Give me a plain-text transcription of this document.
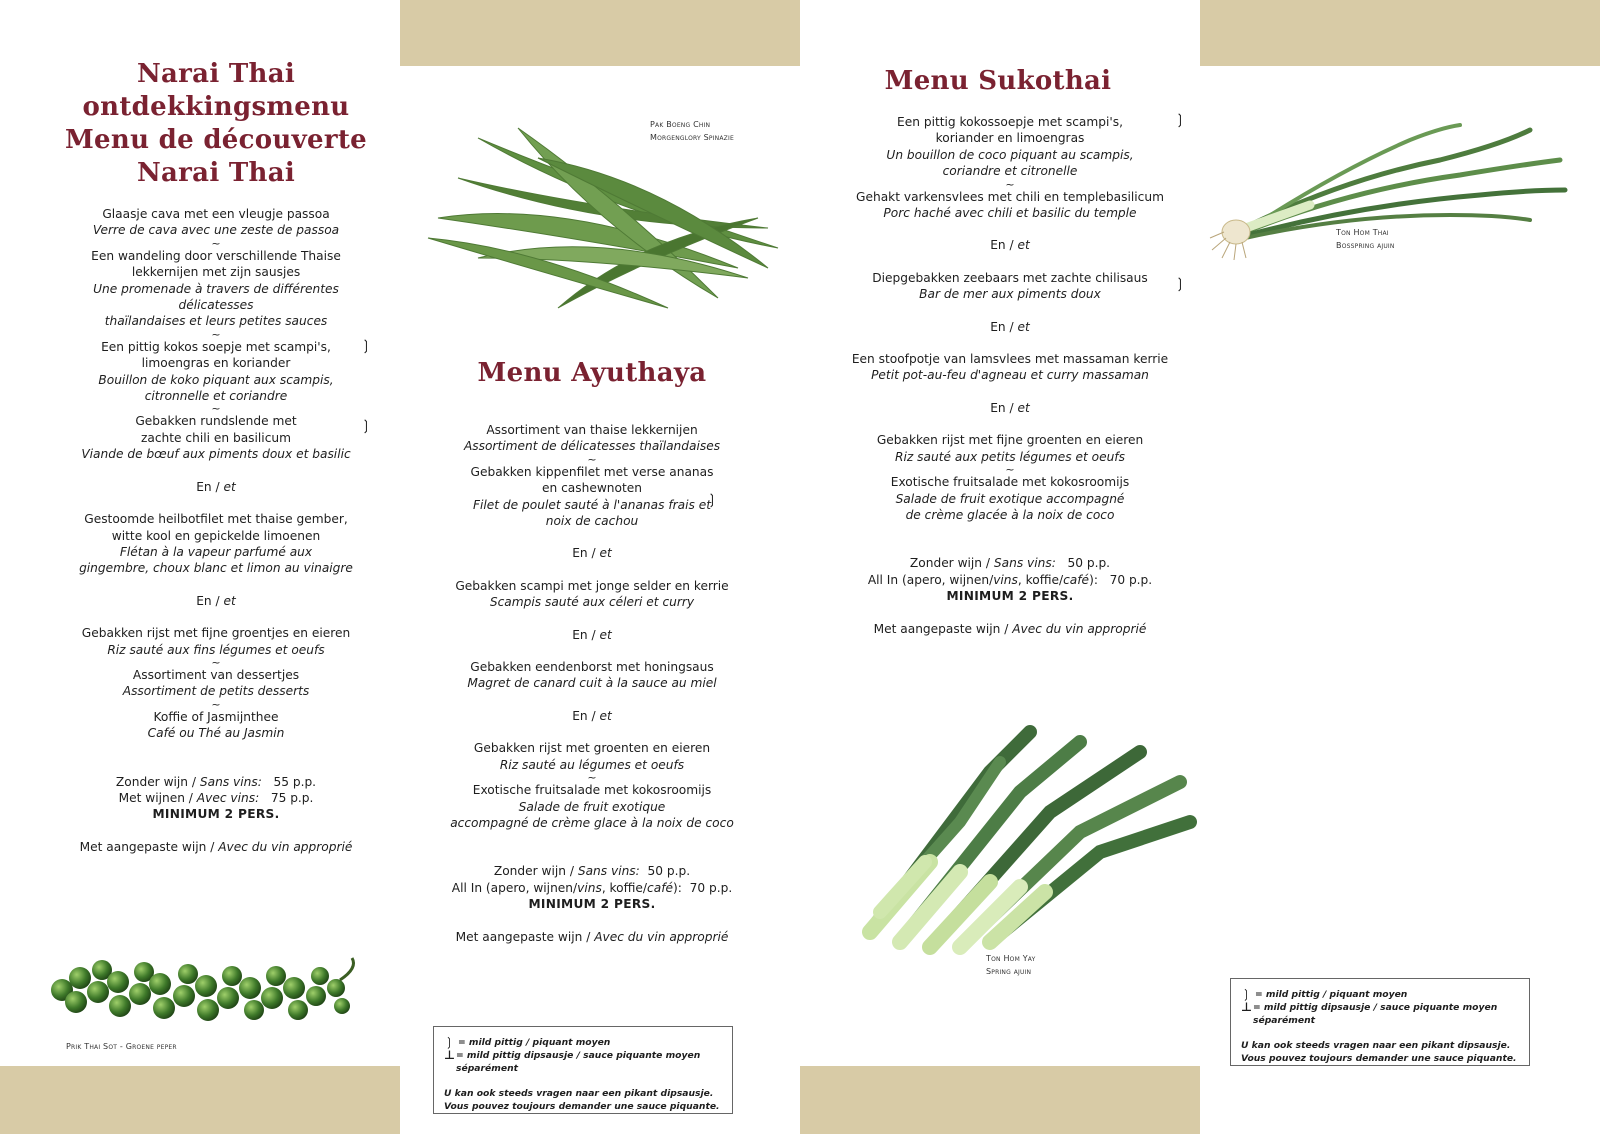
Narai Thai
ontdekkingsmenu
Menu de découverte
Narai Thai
Glaasje cava met een vleugje passoa
Verre de cava avec une zeste de passoa
~
Een wandeling door verschillende Thaise
lekkernijen met zijn sausjes
Une promenade à travers de différentes délicatesses
thaïlandaises et leurs petites sauces
~
Een pittig kokos soepje met scampi's,
limoengras en koriander
Bouillon de koko piquant aux scampis,
citronnelle et coriandre
~
Gebakken rundslende met
zachte chili en basilicum
Viande de bœuf aux piments doux et basilic
En / et
Gestoomde heilbotfilet met thaise gember,
witte kool en gepickelde limoenen
Flétan à la vapeur parfumé aux
gingembre, choux blanc et limon au vinaigre
En / et
Gebakken rijst met fijne groentjes en eieren
Riz sauté aux fins légumes et oeufs
~
Assortiment van dessertjes
Assortiment de petits desserts
~
Koffie of Jasmijnthee
Café ou Thé au Jasmin
Zonder wijn / Sans vins: 55 p.p.
Met wijnen / Avec vins: 75 p.p.
MINIMUM 2 PERS.
Met aangepaste wijn / Avec du vin approprié
❳
❳
Prik Thai Sot - Groene peper
Pak Boeng Chin
Morgenglory Spinazie
Menu Ayuthaya
Assortiment van thaise lekkernijen
Assortiment de délicatesses thaïlandaises
~
Gebakken kippenfilet met verse ananas
en cashewnoten
Filet de poulet sauté à l'ananas frais et
noix de cachou
En / et
Gebakken scampi met jonge selder en kerrie
Scampis sauté aux céleri et curry
En / et
Gebakken eendenborst met honingsaus
Magret de canard cuit à la sauce au miel
En / et
Gebakken rijst met groenten en eieren
Riz sauté au légumes et oeufs
~
Exotische fruitsalade met kokosroomijs
Salade de fruit exotique
accompagné de crème glace à la noix de coco
Zonder wijn / Sans vins: 50 p.p.
All In (apero, wijnen/vins, koffie/café): 70 p.p.
MINIMUM 2 PERS.
Met aangepaste wijn / Avec du vin approprié
❳
❳ = mild pittig / piquant moyen
⊥ = mild pittig dipsausje / sauce piquante moyen séparément
U kan ook steeds vragen naar een pikant dipsausje.
Vous pouvez toujours demander une sauce piquante.
Menu Sukothai
Een pittig kokossoepje met scampi's,
koriander en limoengras
Un bouillon de coco piquant au scampis,
coriandre et citronelle
~
Gehakt varkensvlees met chili en templebasilicum
Porc haché avec chili et basilic du temple
En / et
Diepgebakken zeebaars met zachte chilisaus
Bar de mer aux piments doux
En / et
Een stoofpotje van lamsvlees met massaman kerrie
Petit pot-au-feu d'agneau et curry massaman
En / et
Gebakken rijst met fijne groenten en eieren
Riz sauté aux petits légumes et oeufs
~
Exotische fruitsalade met kokosroomijs
Salade de fruit exotique accompagné
de crème glacée à la noix de coco
Zonder wijn / Sans vins: 50 p.p.
All In (apero, wijnen/vins, koffie/café): 70 p.p.
MINIMUM 2 PERS.
Met aangepaste wijn / Avec du vin approprié
❳
❳
Ton Hom Yay
Spring ajuin
Ton Hom Thai
Bosspring ajuin
❳ = mild pittig / piquant moyen
⊥ = mild pittig dipsausje / sauce piquante moyen séparément
U kan ook steeds vragen naar een pikant dipsausje.
Vous pouvez toujours demander une sauce piquante.
